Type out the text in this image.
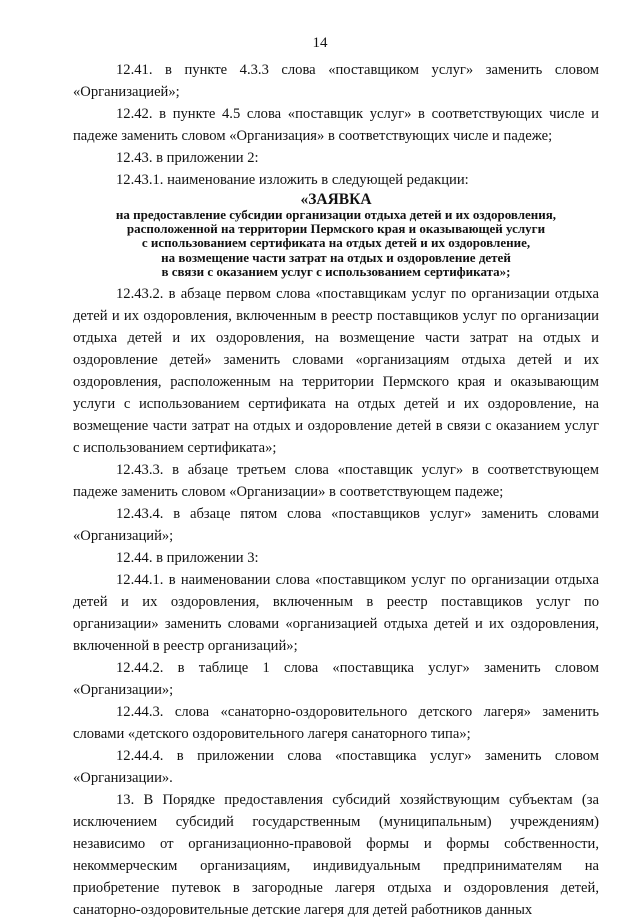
14

12.41. в пункте 4.3.3 слова «поставщиком услуг» заменить словом «Организацией»;

12.42. в пункте 4.5 слова «поставщик услуг» в соответствующих числе и падеже заменить словом «Организация» в соответствующих числе и падеже;

12.43. в приложении 2:

12.43.1. наименование изложить в следующей редакции:

«ЗАЯВКА
на предоставление субсидии организации отдыха детей и их оздоровления,
расположенной на территории Пермского края и оказывающей услуги
с использованием сертификата на отдых детей и их оздоровление,
на возмещение части затрат на отдых и оздоровление детей
в связи с оказанием услуг с использованием сертификата»;

12.43.2. в абзаце первом слова «поставщикам услуг по организации отдыха детей и их оздоровления, включенным в реестр поставщиков услуг по организации отдыха детей и их оздоровления, на возмещение части затрат на отдых и оздоровление детей» заменить словами «организациям отдыха детей и их оздоровления, расположенным на территории Пермского края и оказывающим услуги с использованием сертификата на отдых детей и их оздоровление, на возмещение части затрат на отдых и оздоровление детей в связи с оказанием услуг с использованием сертификата»;

12.43.3. в абзаце третьем слова «поставщик услуг» в соответствующем падеже заменить словом «Организации» в соответствующем падеже;

12.43.4. в абзаце пятом слова «поставщиков услуг» заменить словами «Организаций»;

12.44. в приложении 3:

12.44.1. в наименовании слова «поставщиком услуг по организации отдыха детей и их оздоровления, включенным в реестр поставщиков услуг по организации» заменить словами «организацией отдыха детей и их оздоровления, включенной в реестр организаций»;

12.44.2. в таблице 1 слова «поставщика услуг» заменить словом «Организации»;

12.44.3. слова «санаторно-оздоровительного детского лагеря» заменить словами «детского оздоровительного лагеря санаторного типа»;

12.44.4. в приложении слова «поставщика услуг» заменить словом «Организации».

13. В Порядке предоставления субсидий хозяйствующим субъектам (за исключением субсидий государственным (муниципальным) учреждениям) независимо от организационно-правовой формы и формы собственности, некоммерческим организациям, индивидуальным предпринимателям на приобретение путевок в загородные лагеря отдыха и оздоровления детей, санаторно-оздоровительные детские лагеря для детей работников данных
